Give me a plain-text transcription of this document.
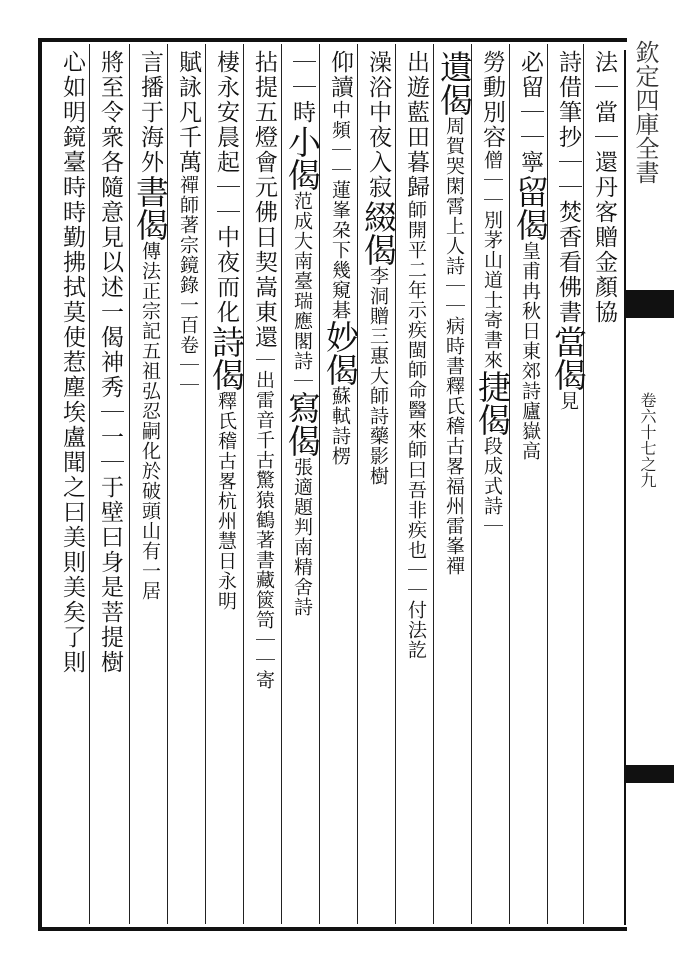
欽定四庫全書
卷六十七之九
法｜當｜還丹客贈金顏協
詩借筆抄｜｜焚香看佛書當偈見
必留｜｜寧留偈皇甫冉秋日東郊詩廬嶽高
勞動別容僧｜｜別茅山道士寄書來捷偈段成式詩｜
遺偈周賀哭閑霄上人詩｜｜病時書釋氏稽古畧福州雷峯禪
出遊藍田暮歸師開平二年示疾閩師命醫來師曰吾非疾也｜｜付法訖
澡浴中夜入寂綴偈李洞贈三惠大師詩藥影樹
仰讀中頻｜｜蓮峯朶下幾窺碁妙偈蘇軾詩楞
｜｜時小偈范成大南臺瑞應閣詩｜寫偈張適題判南精舍詩
拈提五燈會元佛日契嵩東還｜出雷音千古驚猿鶴著書藏篋笥｜｜寄
棲永安晨起｜｜中夜而化詩偈釋氏稽古畧杭州慧日永明
賦詠凡千萬禪師著宗鏡錄一百卷｜｜
言播于海外書偈傳法正宗記五祖弘忍嗣化於破頭山有一居
將至令衆各隨意見以述一偈神秀｜一｜于壁曰身是菩提樹
心如明鏡臺時時勤拂拭莫使惹塵埃盧聞之曰美則美矣了則
